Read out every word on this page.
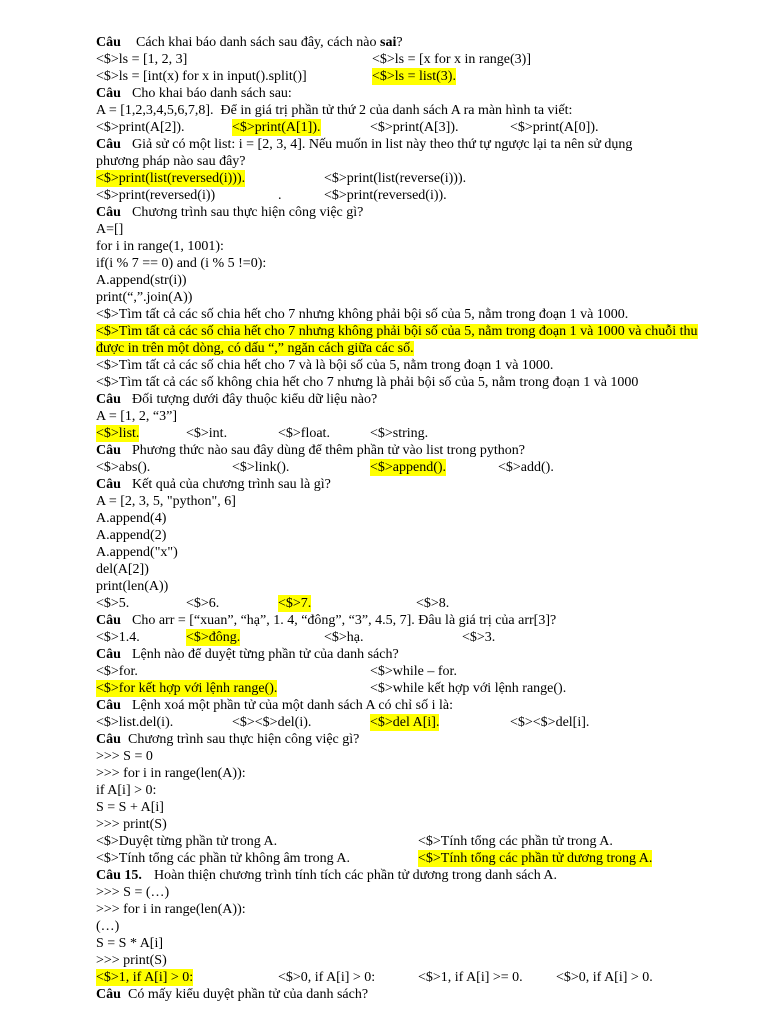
Câu Cách khai báo danh sách sau đây, cách nào sai?
<$>ls = [1, 2, 3]	<$>ls = [x for x in range(3)]
<$>ls = [int(x) for x in input().split()]	<$>ls = list(3).
Câu Cho khai báo danh sách sau:
A = [1,2,3,4,5,6,7,8].  Để in giá trị phần tử thứ 2 của danh sách A ra màn hình ta viết:
<$>print(A[2]).	<$>print(A[1]).	<$>print(A[3]).	<$>print(A[0]).
Câu Giả sử có một list: i = [2, 3, 4]. Nếu muốn in list này theo thứ tự ngược lại ta nên sử dụng
phương pháp nào sau đây?
<$>print(list(reversed(i))).	<$>print(list(reverse(i))).
<$>print(reversed(i))	.	<$>print(reversed(i)).
Câu Chương trình sau thực hiện công việc gì?
A=[]
for i in range(1, 1001):
if(i % 7 == 0) and (i % 5 !=0):
A.append(str(i))
print(“,”.join(A))
<$>Tìm tất cả các số chia hết cho 7 nhưng không phải bội số của 5, nằm trong đoạn 1 và 1000.
<$>Tìm tất cả các số chia hết cho 7 nhưng không phải bội số của 5, nằm trong đoạn 1 và 1000 và chuỗi thu được in trên một dòng, có dấu “,” ngăn cách giữa các số.
<$>Tìm tất cả các số chia hết cho 7 và là bội số của 5, nằm trong đoạn 1 và 1000.
<$>Tìm tất cả các số không chia hết cho 7 nhưng là phải bội số của 5, nằm trong đoạn 1 và 1000
Câu Đối tượng dưới đây thuộc kiểu dữ liệu nào?
A = [1, 2, “3”]
<$>list.	<$>int.	<$>float.	<$>string.
Câu Phương thức nào sau đây dùng để thêm phần tử vào list trong python?
<$>abs().	<$>link().	<$>append().	<$>add().
Câu Kết quả của chương trình sau là gì?
A = [2, 3, 5, "python", 6]
A.append(4)
A.append(2)
A.append("x")
del(A[2])
print(len(A))
<$>5.	<$>6.	<$>7.	<$>8.
Câu Cho arr = [“xuan”, “hạ”, 1. 4, “đông”, “3”, 4.5, 7]. Đâu là giá trị của arr[3]?
<$>1.4.	<$>đông.	<$>hạ.	<$>3.
Câu Lệnh nào để duyệt từng phần tử của danh sách?
<$>for.	<$>while – for.
<$>for kết hợp với lệnh range().	<$>while kết hợp với lệnh range().
Câu Lệnh xoá một phần tử của một danh sách A có chỉ số i là:
<$>list.del(i).	<$><$>del(i).	<$>del A[i].	<$><$>del[i].
Câu Chương trình sau thực hiện công việc gì?
>>> S = 0
>>> for i in range(len(A)):
if A[i] > 0:
S = S + A[i]
>>> print(S)
<$>Duyệt từng phần tử trong A.	<$>Tính tổng các phần tử trong A.
<$>Tính tổng các phần tử không âm trong A.	<$>Tính tổng các phần tử dương trong A.
Câu 15. Hoàn thiện chương trình tính tích các phần tử dương trong danh sách A.
>>> S = (…)
>>> for i in range(len(A)):
(…)
S = S * A[i]
>>> print(S)
<$>1, if A[i] > 0:	<$>0, if A[i] > 0:	<$>1, if A[i] >= 0. <$>0, if A[i] > 0.
Câu Có mấy kiểu duyệt phần tử của danh sách?
